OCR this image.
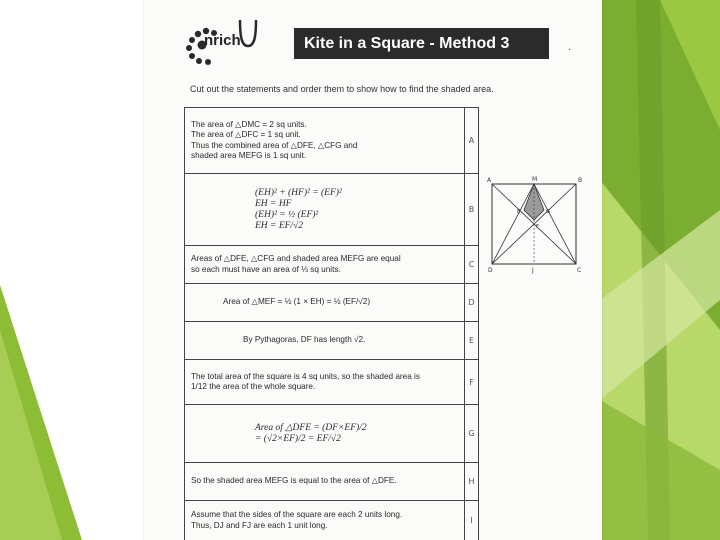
nrich	Kite in a Square - Method 3	.
Cut out the statements and order them to show how to find the shaded area.
The area of △DMC = 2 sq units.
The area of △DFC = 1 sq unit.
Thus the combined area of △DFE, △CFG and
shaded area MEFG is 1 sq unit.
A
(EH)² + (HF)² = (EF)²
EH = HF
(EH)² = ½ (EF)²
EH = EF/√2
B
Areas of △DFE, △CFG and shaded area MEFG are equal
so each must have an area of ⅓ sq units.	C
Area of △MEF = ½ (1 × EH) = ½ (EF/√2)	D
By Pythagoras, DF has length √2.	E
The total area of the square is 4 sq units, so the shaded area is
1/12 the area of the whole square.	F
Area of △DFE = (DF×EF)/2
= (√2×EF)/2 = EF/√2	G
So the shaded area MEFG is equal to the area of △DFE.	H
Assume that the sides of the square are each 2 units long.
Thus, DJ and FJ are each 1 unit long.	I
A	M	B
E	G
F
D	J	C
